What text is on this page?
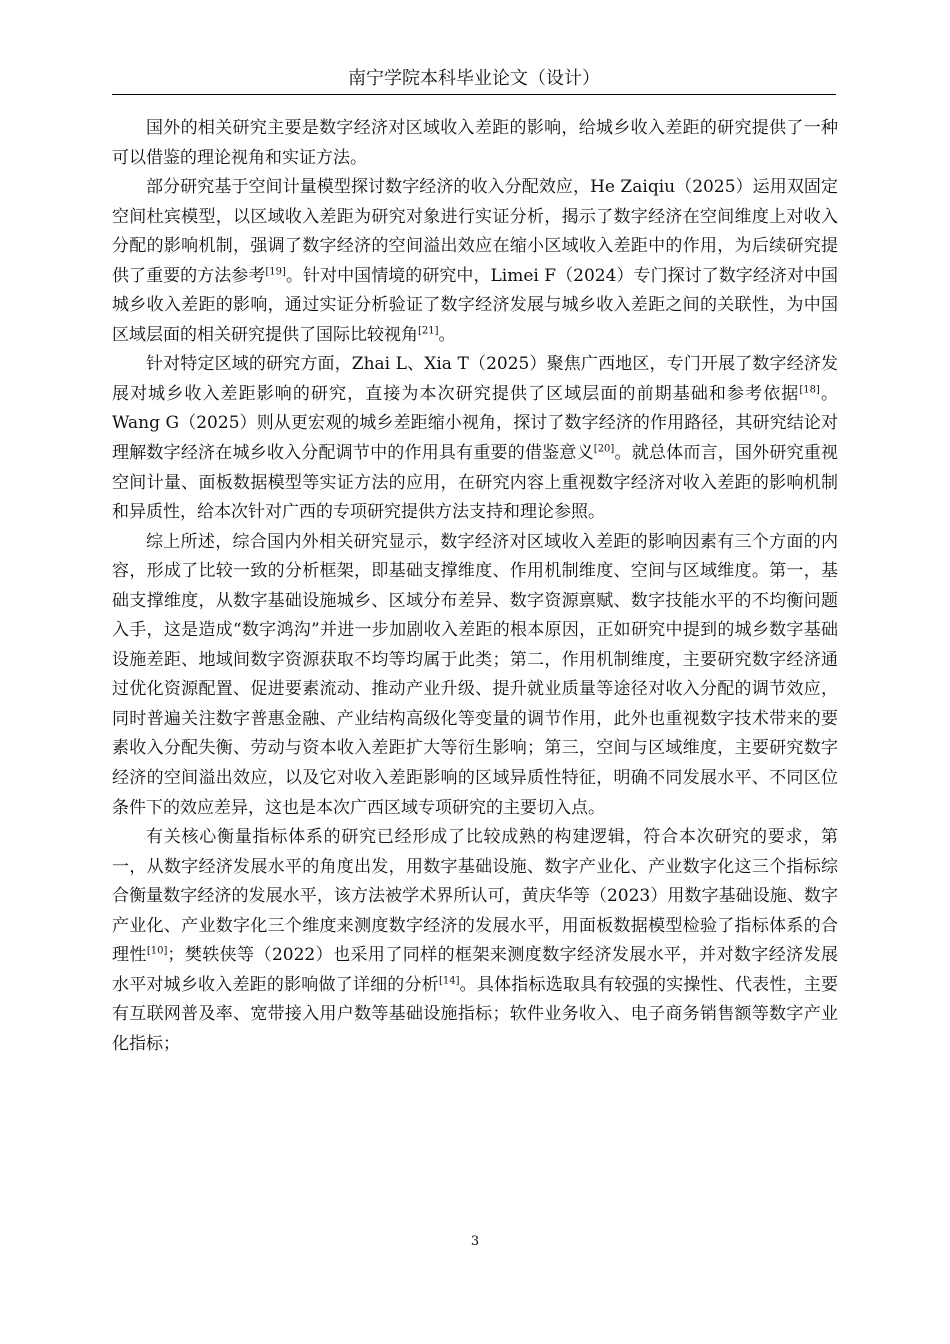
南宁学院本科毕业论文（设计）

国外的相关研究主要是数字经济对区域收入差距的影响，给城乡收入差距的研究提供了一种可以借鉴的理论视角和实证方法。

部分研究基于空间计量模型探讨数字经济的收入分配效应，He Zaiqiu（2025）运用双固定空间杜宾模型，以区域收入差距为研究对象进行实证分析，揭示了数字经济在空间维度上对收入分配的影响机制，强调了数字经济的空间溢出效应在缩小区域收入差距中的作用，为后续研究提供了重要的方法参考[19]。针对中国情境的研究中，Limei F（2024）专门探讨了数字经济对中国城乡收入差距的影响，通过实证分析验证了数字经济发展与城乡收入差距之间的关联性，为中国区域层面的相关研究提供了国际比较视角[21]。

针对特定区域的研究方面，Zhai L、Xia T（2025）聚焦广西地区，专门开展了数字经济发展对城乡收入差距影响的研究，直接为本次研究提供了区域层面的前期基础和参考依据[18]。Wang G（2025）则从更宏观的城乡差距缩小视角，探讨了数字经济的作用路径，其研究结论对理解数字经济在城乡收入分配调节中的作用具有重要的借鉴意义[20]。就总体而言，国外研究重视空间计量、面板数据模型等实证方法的应用，在研究内容上重视数字经济对收入差距的影响机制和异质性，给本次针对广西的专项研究提供方法支持和理论参照。

综上所述，综合国内外相关研究显示，数字经济对区域收入差距的影响因素有三个方面的内容，形成了比较一致的分析框架，即基础支撑维度、作用机制维度、空间与区域维度。第一，基础支撑维度，从数字基础设施城乡、区域分布差异、数字资源禀赋、数字技能水平的不均衡问题入手，这是造成“数字鸿沟”并进一步加剧收入差距的根本原因，正如研究中提到的城乡数字基础设施差距、地域间数字资源获取不均等均属于此类；第二，作用机制维度，主要研究数字经济通过优化资源配置、促进要素流动、推动产业升级、提升就业质量等途径对收入分配的调节效应，同时普遍关注数字普惠金融、产业结构高级化等变量的调节作用，此外也重视数字技术带来的要素收入分配失衡、劳动与资本收入差距扩大等衍生影响；第三，空间与区域维度，主要研究数字经济的空间溢出效应，以及它对收入差距影响的区域异质性特征，明确不同发展水平、不同区位条件下的效应差异，这也是本次广西区域专项研究的主要切入点。

有关核心衡量指标体系的研究已经形成了比较成熟的构建逻辑，符合本次研究的要求，第一，从数字经济发展水平的角度出发，用数字基础设施、数字产业化、产业数字化这三个指标综合衡量数字经济的发展水平，该方法被学术界所认可，黄庆华等（2023）用数字基础设施、数字产业化、产业数字化三个维度来测度数字经济的发展水平，用面板数据模型检验了指标体系的合理性[10]；樊轶侠等（2022）也采用了同样的框架来测度数字经济发展水平，并对数字经济发展水平对城乡收入差距的影响做了详细的分析[14]。具体指标选取具有较强的实操性、代表性，主要有互联网普及率、宽带接入用户数等基础设施指标；软件业务收入、电子商务销售额等数字产业化指标；

3
